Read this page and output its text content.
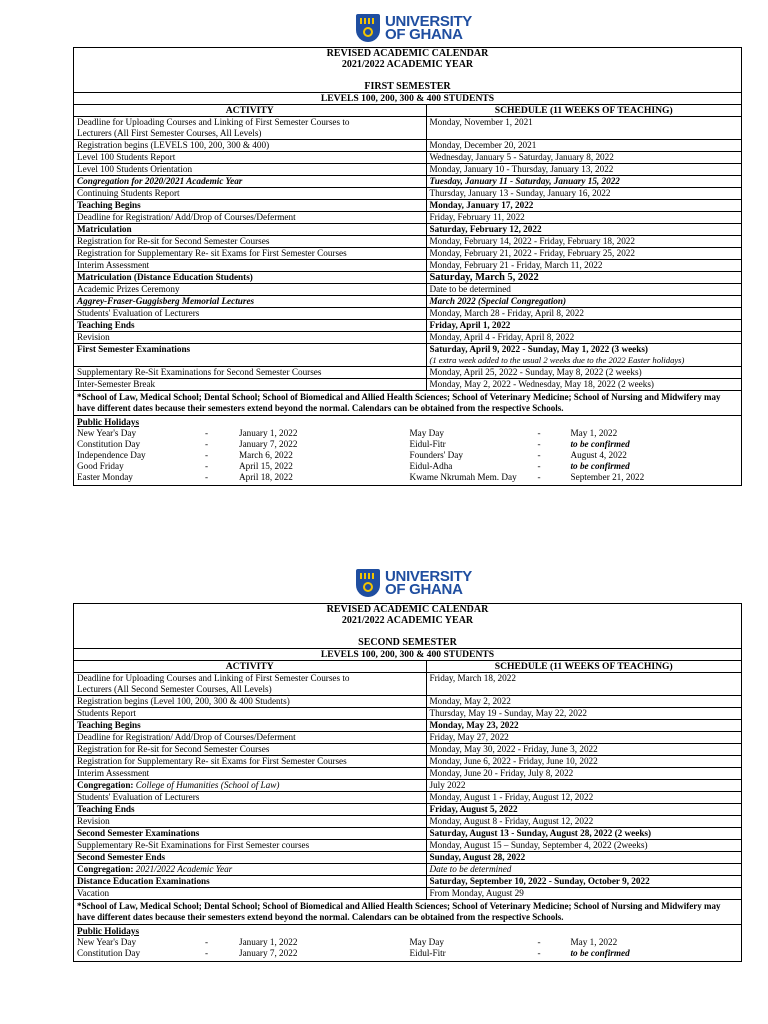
UNIVERSITY
OF GHANA
REVISED ACADEMIC CALENDAR
2021/2022 ACADEMIC YEAR
FIRST SEMESTER
LEVELS 100, 200, 300 & 400 STUDENTS
ACTIVITY	SCHEDULE (11 WEEKS OF TEACHING)

Deadline for Uploading Courses and Linking of First Semester Courses to
Lecturers (All First Semester Courses, All Levels)	Monday, November 1, 2021

Registration begins (LEVELS 100, 200, 300 & 400)	Monday, December 20, 2021

Level 100 Students Report	Wednesday, January 5 - Saturday, January 8, 2022

Level 100 Students Orientation	Monday, January 10 - Thursday, January 13, 2022

Congregation for 2020/2021 Academic Year	Tuesday, January 11 - Saturday, January 15, 2022

Continuing Students Report	Thursday, January 13 - Sunday, January 16, 2022

Teaching Begins	Monday, January 17, 2022

Deadline for Registration/ Add/Drop of Courses/Deferment	Friday, February 11, 2022

Matriculation	Saturday, February 12, 2022

Registration for Re-sit for Second Semester Courses	Monday, February 14, 2022 - Friday, February 18, 2022

Registration for Supplementary Re- sit Exams for First Semester Courses	Monday, February 21, 2022 - Friday, February 25, 2022

Interim Assessment	Monday, February 21 - Friday, March 11, 2022

Matriculation (Distance Education Students)	Saturday, March 5, 2022

Academic Prizes Ceremony	Date to be determined

Aggrey-Fraser-Guggisberg Memorial Lectures	March 2022 (Special Congregation)

Students' Evaluation of Lecturers	Monday, March 28 - Friday, April 8, 2022

Teaching Ends	Friday, April 1, 2022

Revision	Monday, April 4 - Friday, April 8, 2022

First Semester Examinations	Saturday, April 9, 2022 - Sunday, May 1, 2022 (3 weeks)
(1 extra week added to the usual 2 weeks due to the 2022 Easter holidays)

Supplementary Re-Sit Examinations for Second Semester Courses	Monday, April 25, 2022 - Sunday, May 8, 2022 (2 weeks)

Inter-Semester Break	Monday, May 2, 2022 - Wednesday, May 18, 2022 (2 weeks)
*School of Law, Medical School; Dental School; School of Biomedical and Allied Health Sciences; School of Veterinary Medicine; School of Nursing and Midwifery may have different dates because their semesters extend beyond the normal. Calendars can be obtained from the respective Schools.
Public Holidays
New Year's Day	-	January 1, 2022
Constitution Day	-	January 7, 2022
Independence Day	-	March 6, 2022
Good Friday	-	April 15, 2022
Easter Monday	-	April 18, 2022
May Day	-	May 1, 2022
Eidul-Fitr	-	to be confirmed
Founders' Day	-	August 4, 2022
Eidul-Adha	-	to be confirmed
Kwame Nkrumah Mem. Day	-	September 21, 2022
UNIVERSITY
OF GHANA
REVISED ACADEMIC CALENDAR
2021/2022 ACADEMIC YEAR
SECOND SEMESTER
LEVELS 100, 200, 300 & 400 STUDENTS
ACTIVITY	SCHEDULE (11 WEEKS OF TEACHING)

Deadline for Uploading Courses and Linking of First Semester Courses to
Lecturers (All Second Semester Courses, All Levels)	Friday, March 18, 2022

Registration begins (Level 100, 200, 300 & 400 Students)	Monday, May 2, 2022

Students Report	Thursday, May 19 - Sunday, May 22, 2022

Teaching Begins	Monday, May 23, 2022

Deadline for Registration/ Add/Drop of Courses/Deferment	Friday, May 27, 2022

Registration for Re-sit for Second Semester Courses	Monday, May 30, 2022 - Friday, June 3, 2022

Registration for Supplementary Re- sit Exams for First Semester Courses	Monday, June 6, 2022 - Friday, June 10, 2022

Interim Assessment	Monday, June 20 - Friday, July 8, 2022

Congregation: College of Humanities (School of Law)	July 2022

Students' Evaluation of Lecturers	Monday, August 1 - Friday, August 12, 2022

Teaching Ends	Friday, August 5, 2022

Revision	Monday, August 8 - Friday, August 12, 2022

Second Semester Examinations	Saturday, August 13 - Sunday, August 28, 2022 (2 weeks)

Supplementary Re-Sit Examinations for First Semester courses	Monday, August 15 – Sunday, September 4, 2022 (2weeks)

Second Semester Ends	Sunday, August 28, 2022

Congregation: 2021/2022 Academic Year	Date to be determined

Distance Education Examinations	Saturday, September 10, 2022 - Sunday, October 9, 2022

Vacation	From Monday, August 29
*School of Law, Medical School; Dental School; School of Biomedical and Allied Health Sciences; School of Veterinary Medicine; School of Nursing and Midwifery may have different dates because their semesters extend beyond the normal. Calendars can be obtained from the respective Schools.
Public Holidays
New Year's Day	-	January 1, 2022
Constitution Day	-	January 7, 2022
May Day	-	May 1, 2022
Eidul-Fitr	-	to be confirmed
